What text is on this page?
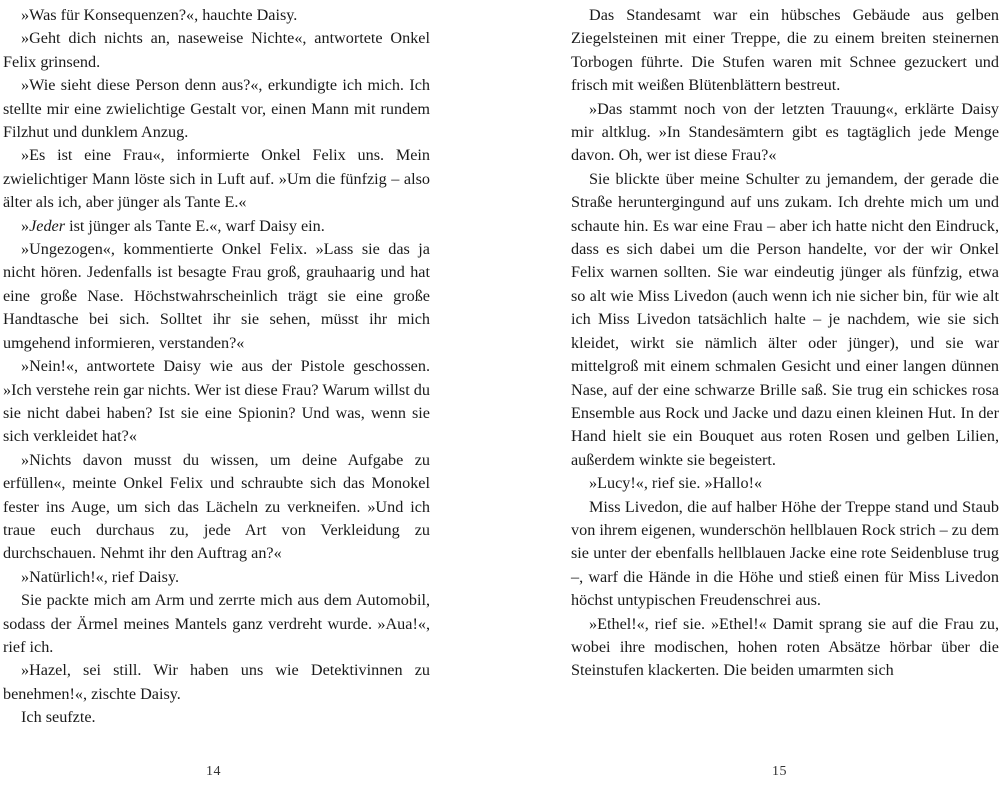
»Was für Konsequenzen?«, hauchte Daisy.

»Geht dich nichts an, naseweise Nichte«, antwortete Onkel Felix grinsend.

»Wie sieht diese Person denn aus?«, erkundigte ich mich. Ich stellte mir eine zwielichtige Gestalt vor, einen Mann mit rundem Filzhut und dunklem Anzug.

»Es ist eine Frau«, informierte Onkel Felix uns. Mein zwielichtiger Mann löste sich in Luft auf. »Um die fünfzig – also älter als ich, aber jünger als Tante E.«

»Jeder ist jünger als Tante E.«, warf Daisy ein.

»Ungezogen«, kommentierte Onkel Felix. »Lass sie das ja nicht hören. Jedenfalls ist besagte Frau groß, grauhaarig und hat eine große Nase. Höchstwahrscheinlich trägt sie eine große Handtasche bei sich. Solltet ihr sie sehen, müsst ihr mich umgehend informieren, verstanden?«

»Nein!«, antwortete Daisy wie aus der Pistole geschossen. »Ich verstehe rein gar nichts. Wer ist diese Frau? Warum willst du sie nicht dabei haben? Ist sie eine Spionin? Und was, wenn sie sich verkleidet hat?«

»Nichts davon musst du wissen, um deine Aufgabe zu erfüllen«, meinte Onkel Felix und schraubte sich das Monokel fester ins Auge, um sich das Lächeln zu verkneifen. »Und ich traue euch durchaus zu, jede Art von Verkleidung zu durchschauen. Nehmt ihr den Auftrag an?«

»Natürlich!«, rief Daisy.

Sie packte mich am Arm und zerrte mich aus dem Automobil, sodass der Ärmel meines Mantels ganz verdreht wurde. »Aua!«, rief ich.

»Hazel, sei still. Wir haben uns wie Detektivinnen zu benehmen!«, zischte Daisy.

Ich seufzte.

Das Standesamt war ein hübsches Gebäude aus gelben Ziegelsteinen mit einer Treppe, die zu einem breiten steinernen Torbogen führte. Die Stufen waren mit Schnee gezuckert und frisch mit weißen Blütenblättern bestreut.

»Das stammt noch von der letzten Trauung«, erklärte Daisy mir altklug. »In Standesämtern gibt es tagtäglich jede Menge davon. Oh, wer ist diese Frau?«

Sie blickte über meine Schulter zu jemandem, der gerade die Straße heruntergingund auf uns zukam. Ich drehte mich um und schaute hin. Es war eine Frau – aber ich hatte nicht den Eindruck, dass es sich dabei um die Person handelte, vor der wir Onkel Felix warnen sollten. Sie war eindeutig jünger als fünfzig, etwa so alt wie Miss Livedon (auch wenn ich nie sicher bin, für wie alt ich Miss Livedon tatsächlich halte – je nachdem, wie sie sich kleidet, wirkt sie nämlich älter oder jünger), und sie war mittelgroß mit einem schmalen Gesicht und einer langen dünnen Nase, auf der eine schwarze Brille saß. Sie trug ein schickes rosa Ensemble aus Rock und Jacke und dazu einen kleinen Hut. In der Hand hielt sie ein Bouquet aus roten Rosen und gelben Lilien, außerdem winkte sie begeistert.

»Lucy!«, rief sie. »Hallo!«

Miss Livedon, die auf halber Höhe der Treppe stand und Staub von ihrem eigenen, wunderschön hellblauen Rock strich – zu dem sie unter der ebenfalls hellblauen Jacke eine rote Seidenbluse trug –, warf die Hände in die Höhe und stieß einen für Miss Livedon höchst untypischen Freudenschrei aus.

»Ethel!«, rief sie. »Ethel!« Damit sprang sie auf die Frau zu, wobei ihre modischen, hohen roten Absätze hörbar über die Steinstufen klackerten. Die beiden umarmten sich

14	15
